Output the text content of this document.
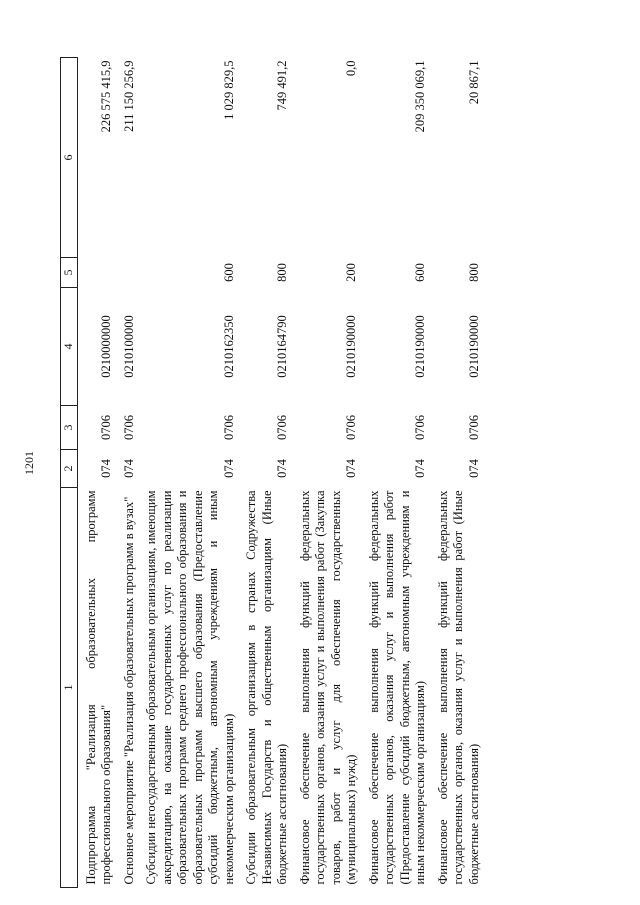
1201
1	2	3	4	5	6
Подпрограмма "Реализация образовательных программ профессионального образования"	074	0706	0210000000		226 575 415,9
Основное мероприятие "Реализация образовательных программ в вузах"	074	0706	0210100000		211 150 256,9
Субсидии негосударственным образовательным организациям, имеющим аккредитацию, на оказание государственных услуг по реализации образовательных программ среднего профессионального образования и образовательных программ высшего образования (Предоставление субсидий бюджетным, автономным учреждениям и иным некоммерческим организациям)	074	0706	0210162350	600	1 029 829,5
Субсидии образовательным организациям в странах Содружества Независимых Государств и общественным организациям (Иные бюджетные ассигнования)	074	0706	0210164790	800	749 491,2
Финансовое обеспечение выполнения функций федеральных государственных органов, оказания услуг и выполнения работ (Закупка товаров, работ и услуг для обеспечения государственных (муниципальных) нужд)	074	0706	0210190000	200	0,0
Финансовое обеспечение выполнения функций федеральных государственных органов, оказания услуг и выполнения работ (Предоставление субсидий бюджетным, автономным учреждениям и иным некоммерческим организациям)	074	0706	0210190000	600	209 350 069,1
Финансовое обеспечение выполнения функций федеральных государственных органов, оказания услуг и выполнения работ (Иные бюджетные ассигнования)	074	0706	0210190000	800	20 867,1
